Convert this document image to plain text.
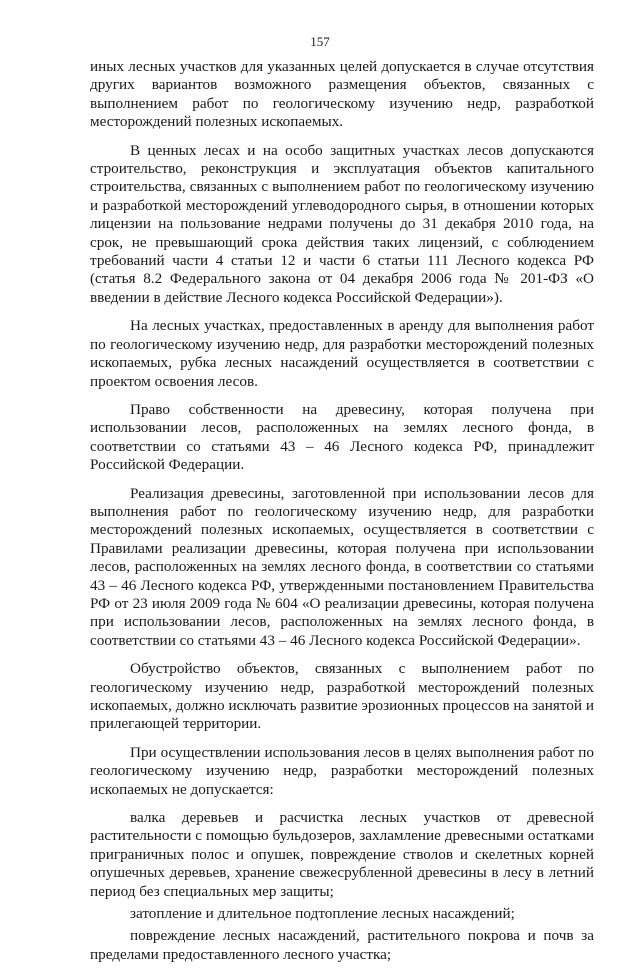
157

иных лесных участков для указанных целей допускается в случае отсутствия других вариантов возможного размещения объектов, связанных с выполнением работ по геологическому изучению недр, разработкой месторождений полезных ископаемых.

В ценных лесах и на особо защитных участках лесов допускаются строительство, реконструкция и эксплуатация объектов капитального строительства, связанных с выполнением работ по геологическому изучению и разработкой месторождений углеводородного сырья, в отношении которых лицензии на пользование недрами получены до 31 декабря 2010 года, на срок, не превышающий срока действия таких лицензий, с соблюдением требований части 4 статьи 12 и части 6 статьи 111 Лесного кодекса РФ (статья 8.2 Федерального закона от 04 декабря 2006 года № 201-ФЗ «О введении в действие Лесного кодекса Российской Федерации»).

На лесных участках, предоставленных в аренду для выполнения работ по геологическому изучению недр, для разработки месторождений полезных ископаемых, рубка лесных насаждений осуществляется в соответствии с проектом освоения лесов.

Право собственности на древесину, которая получена при использовании лесов, расположенных на землях лесного фонда, в соответствии со статьями 43 – 46 Лесного кодекса РФ, принадлежит Российской Федерации.

Реализация древесины, заготовленной при использовании лесов для выполнения работ по геологическому изучению недр, для разработки месторождений полезных ископаемых, осуществляется в соответствии с Правилами реализации древесины, которая получена при использовании лесов, расположенных на землях лесного фонда, в соответствии со статьями 43 – 46 Лесного кодекса РФ, утвержденными постановлением Правительства РФ от 23 июля 2009 года № 604 «О реализации древесины, которая получена при использовании лесов, расположенных на землях лесного фонда, в соответствии со статьями 43 – 46 Лесного кодекса Российской Федерации».

Обустройство объектов, связанных с выполнением работ по геологическому изучению недр, разработкой месторождений полезных ископаемых, должно исключать развитие эрозионных процессов на занятой и прилегающей территории.

При осуществлении использования лесов в целях выполнения работ по геологическому изучению недр, разработки месторождений полезных ископаемых не допускается:

валка деревьев и расчистка лесных участков от древесной растительности с помощью бульдозеров, захламление древесными остатками приграничных полос и опушек, повреждение стволов и скелетных корней опушечных деревьев, хранение свежесрубленной древесины в лесу в летний период без специальных мер защиты;

затопление и длительное подтопление лесных насаждений;

повреждение лесных насаждений, растительного покрова и почв за пределами предоставленного лесного участка;
